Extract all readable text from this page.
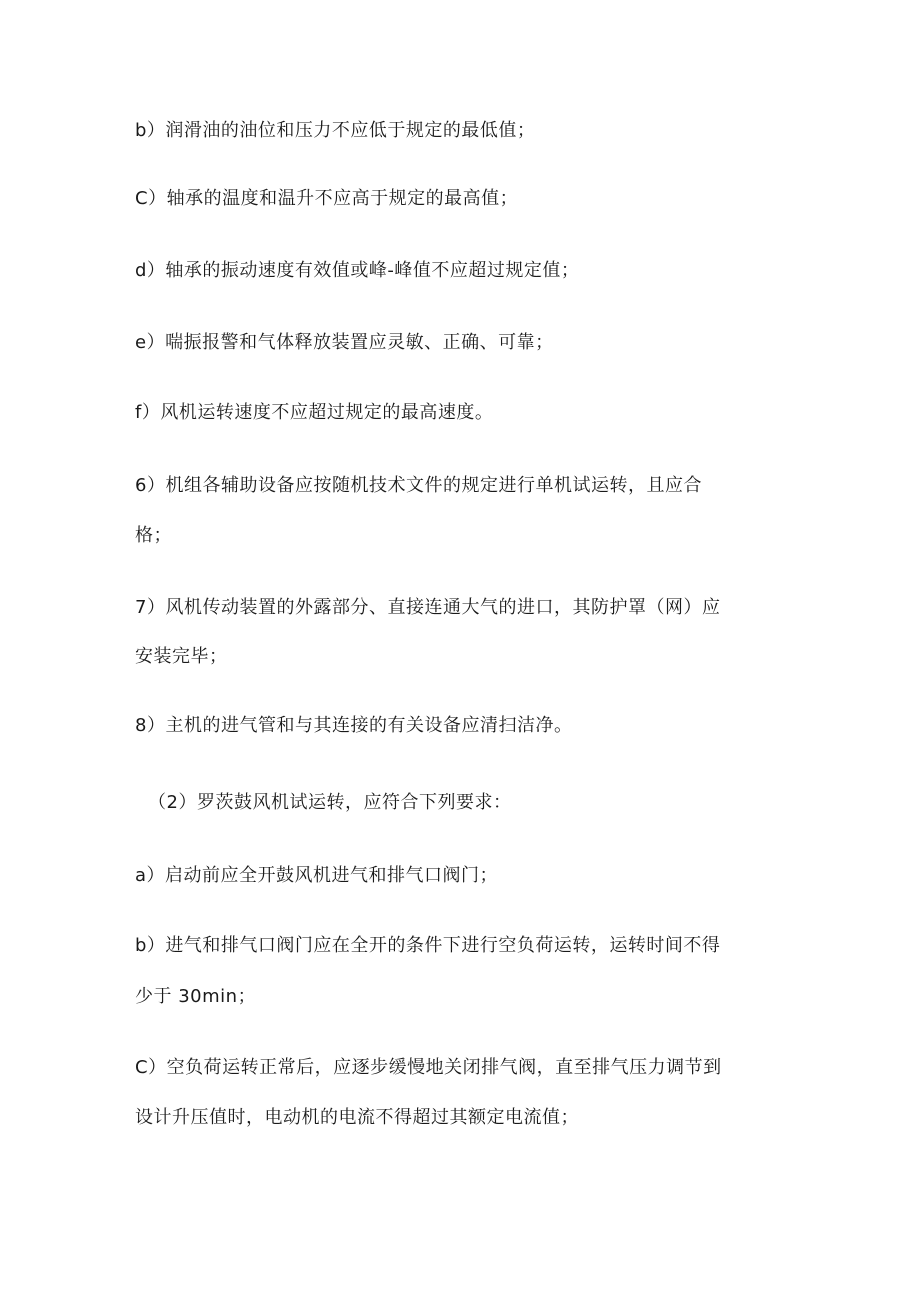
b）润滑油的油位和压力不应低于规定的最低值；
C）轴承的温度和温升不应高于规定的最高值；
d）轴承的振动速度有效值或峰-峰值不应超过规定值；
e）喘振报警和气体释放装置应灵敏、正确、可靠；
f）风机运转速度不应超过规定的最高速度。
6）机组各辅助设备应按随机技术文件的规定进行单机试运转，且应合
格；
7）风机传动装置的外露部分、直接连通大气的进口，其防护罩（网）应
安装完毕；
8）主机的进气管和与其连接的有关设备应清扫洁净。
（2）罗茨鼓风机试运转，应符合下列要求：
a）启动前应全开鼓风机进气和排气口阀门；
b）进气和排气口阀门应在全开的条件下进行空负荷运转，运转时间不得
少于 30min；
C）空负荷运转正常后，应逐步缓慢地关闭排气阀，直至排气压力调节到
设计升压值时，电动机的电流不得超过其额定电流值；
